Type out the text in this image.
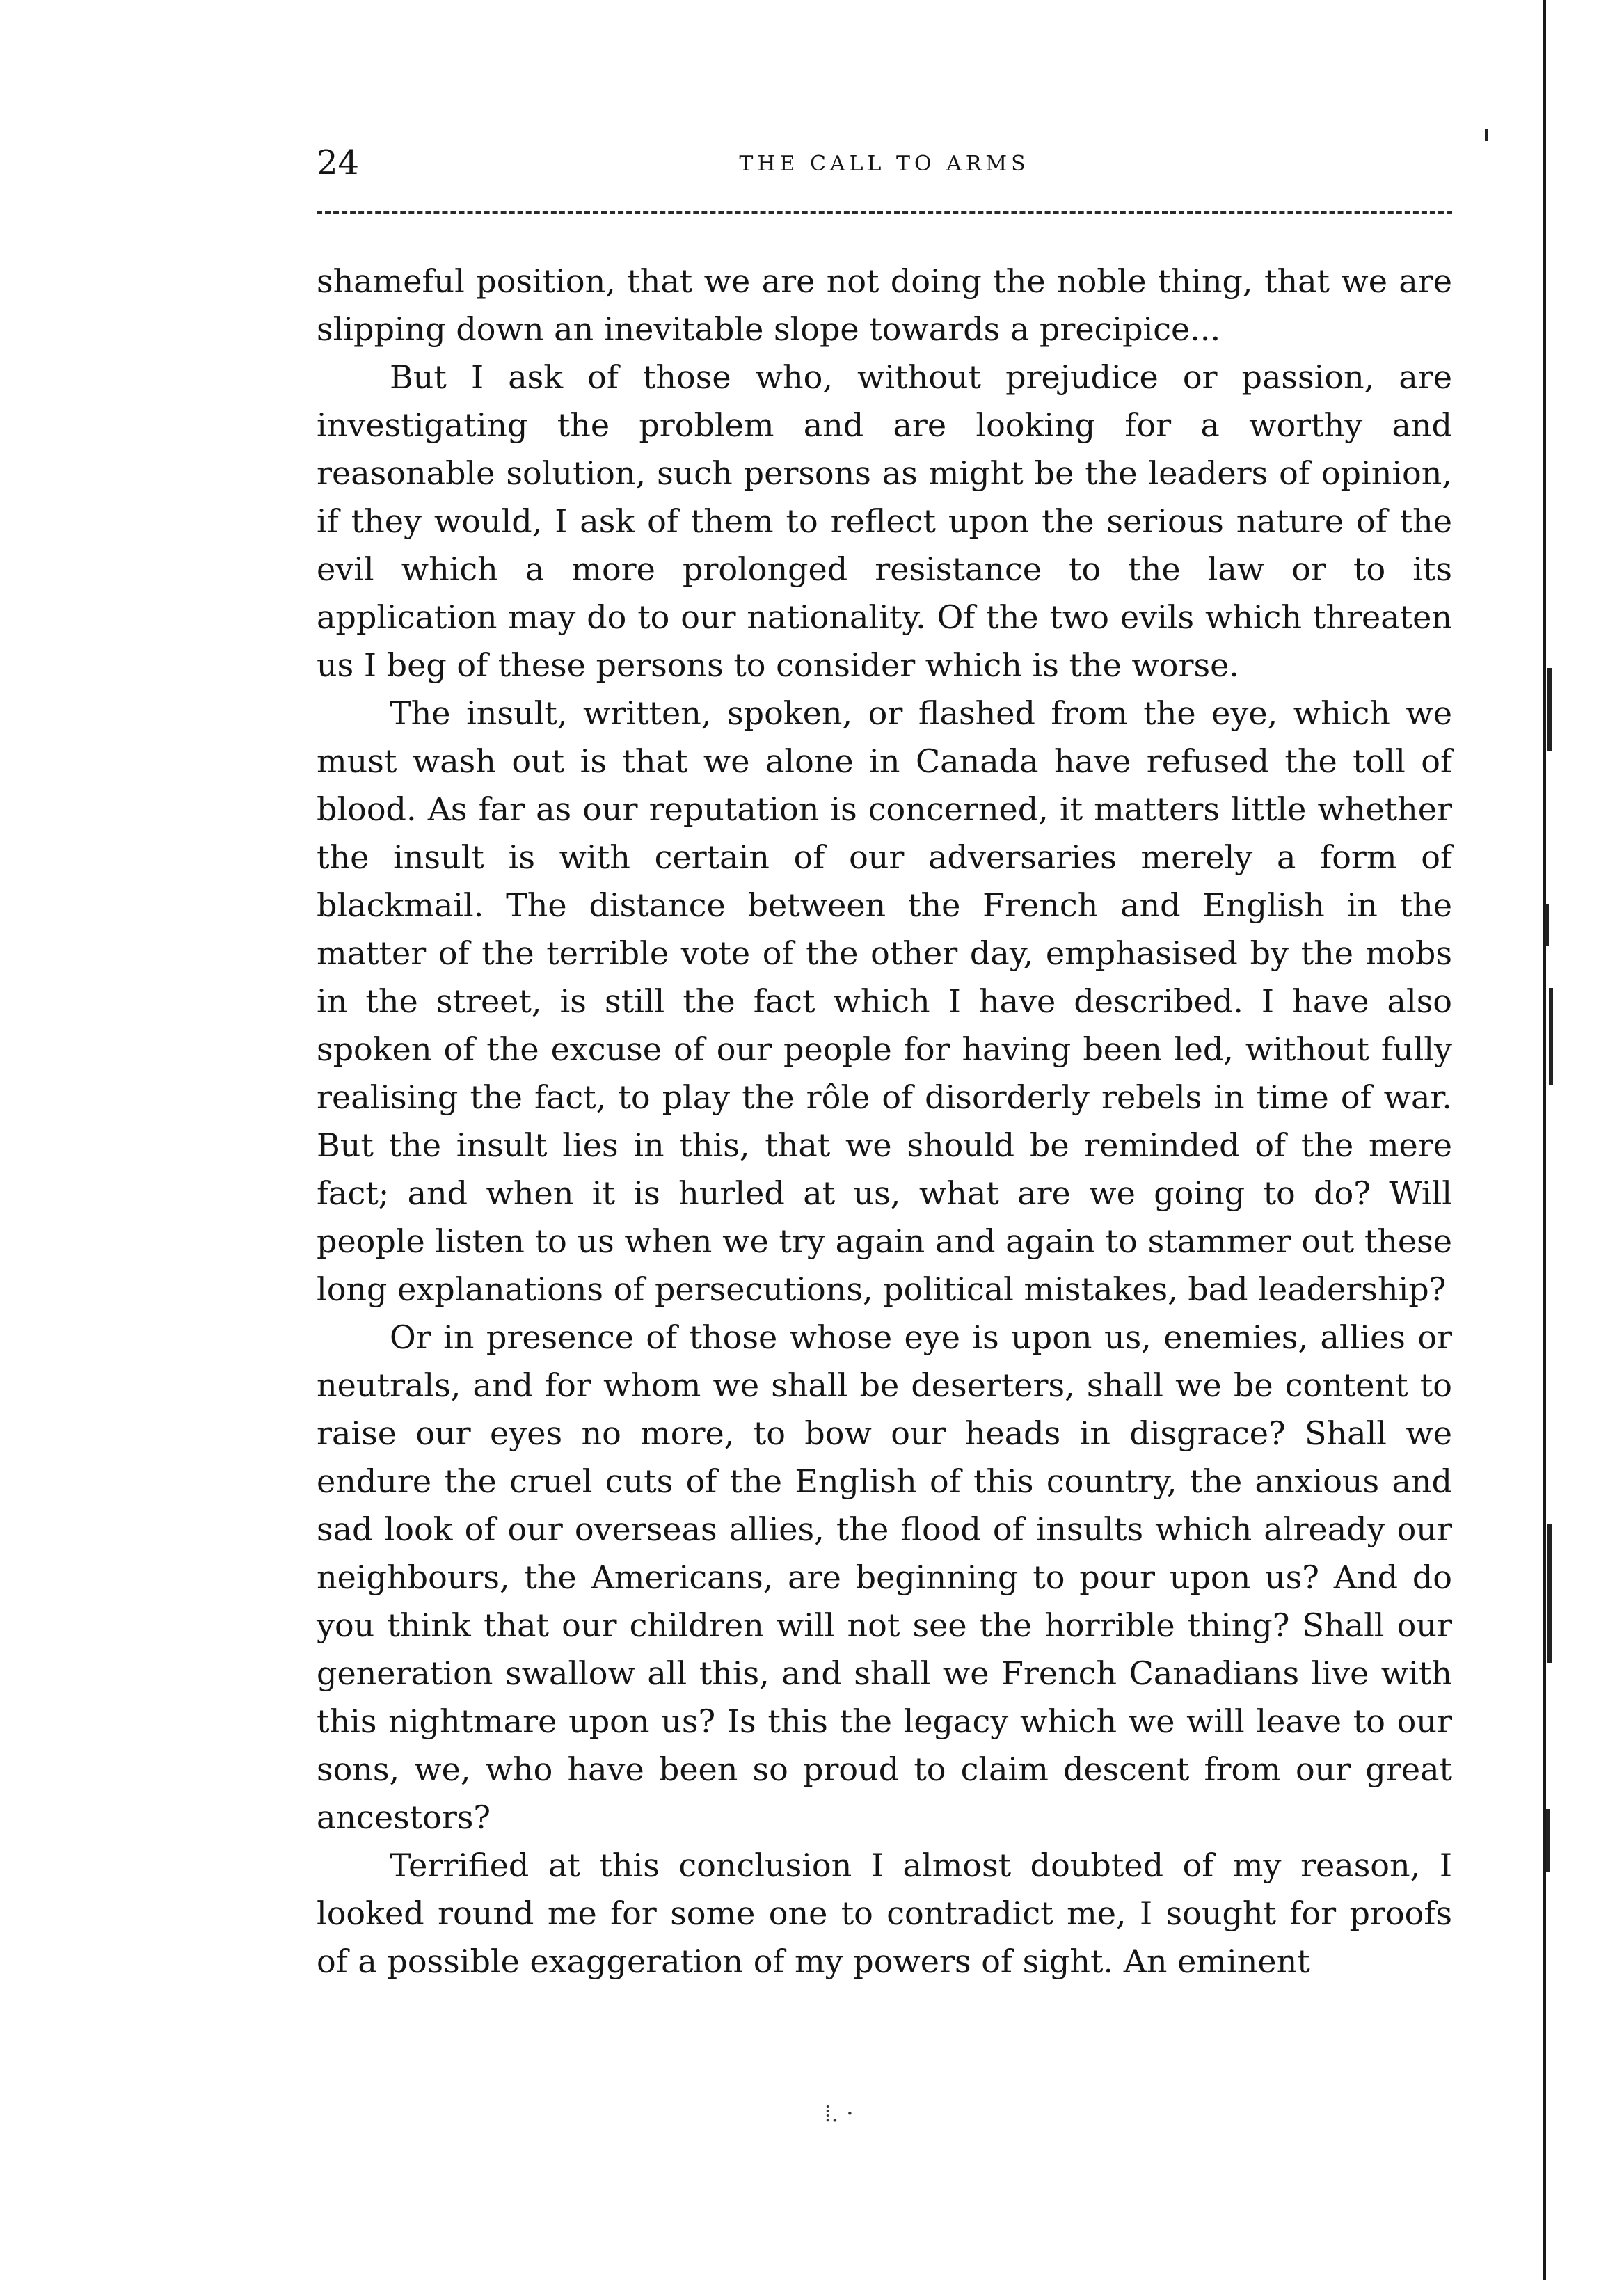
24	THE CALL TO ARMS

shameful position, that we are not doing the noble thing, that we are slipping down an inevitable slope towards a precipice...

But I ask of those who, without prejudice or passion, are investigating the problem and are looking for a worthy and reasonable solution, such persons as might be the leaders of opinion, if they would, I ask of them to reflect upon the serious nature of the evil which a more prolonged resistance to the law or to its application may do to our nationality. Of the two evils which threaten us I beg of these persons to consider which is the worse.

The insult, written, spoken, or flashed from the eye, which we must wash out is that we alone in Canada have refused the toll of blood. As far as our reputation is concerned, it matters little whether the insult is with certain of our adversaries merely a form of blackmail. The distance between the French and English in the matter of the terrible vote of the other day, emphasised by the mobs in the street, is still the fact which I have described. I have also spoken of the excuse of our people for having been led, without fully realising the fact, to play the rôle of disorderly rebels in time of war. But the insult lies in this, that we should be reminded of the mere fact; and when it is hurled at us, what are we going to do? Will people listen to us when we try again and again to stammer out these long explanations of persecutions, political mistakes, bad leadership?

Or in presence of those whose eye is upon us, enemies, allies or neutrals, and for whom we shall be deserters, shall we be content to raise our eyes no more, to bow our heads in disgrace? Shall we endure the cruel cuts of the English of this country, the anxious and sad look of our overseas allies, the flood of insults which already our neighbours, the Americans, are beginning to pour upon us? And do you think that our children will not see the horrible thing? Shall our generation swallow all this, and shall we French Canadians live with this nightmare upon us? Is this the legacy which we will leave to our sons, we, who have been so proud to claim descent from our great ancestors?

Terrified at this conclusion I almost doubted of my reason, I looked round me for some one to contradict me, I sought for proofs of a possible exaggeration of my powers of sight. An eminent

⁞. ·
